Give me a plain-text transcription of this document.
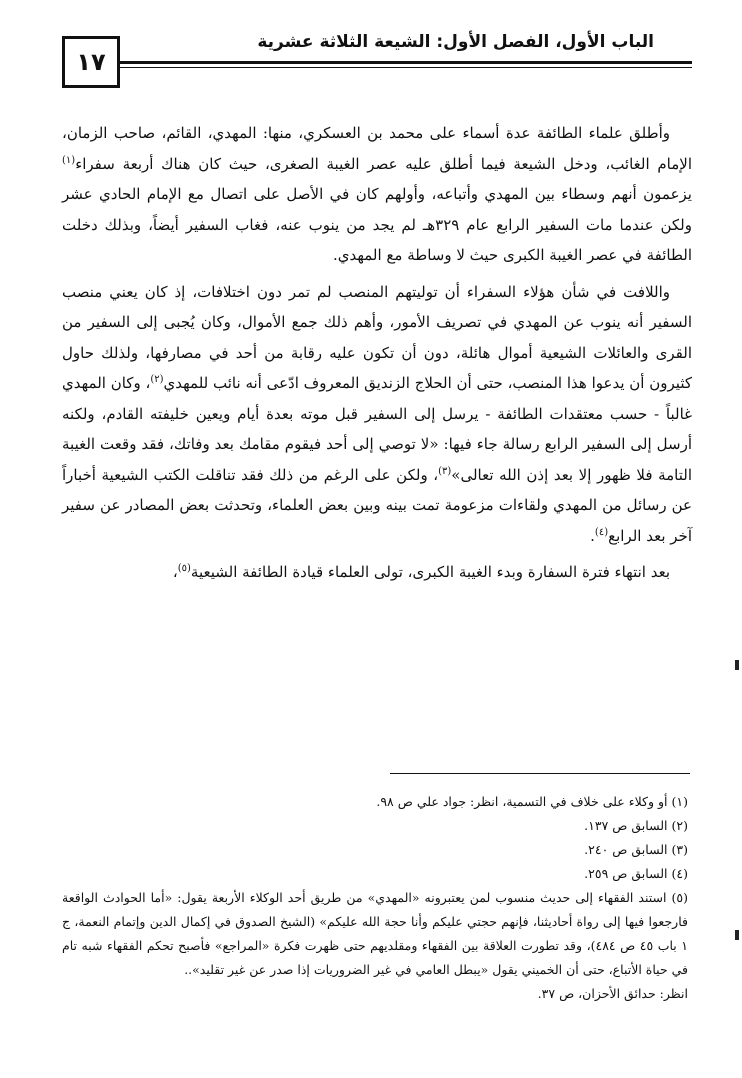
الباب الأول، الفصل الأول: الشيعة الثلاثة عشرية
١٧

وأطلق علماء الطائفة عدة أسماء على محمد بن العسكري، منها: المهدي، القائم، صاحب الزمان، الإمام الغائب، ودخل الشيعة فيما أطلق عليه عصر الغيبة الصغرى، حيث كان هناك أربعة سفراء$^{(١)}$ يزعمون أنهم وسطاء بين المهدي وأتباعه، وأولهم كان في الأصل على اتصال مع الإمام الحادي عشر ولكن عندما مات السفير الرابع عام ٣٢٩هـ لم يجد من ينوب عنه، فغاب السفير أيضاً، وبذلك دخلت الطائفة في عصر الغيبة الكبرى حيث لا وساطة مع المهدي.

واللافت في شأن هؤلاء السفراء أن توليتهم المنصب لم تمر دون اختلافات، إذ كان يعني منصب السفير أنه ينوب عن المهدي في تصريف الأمور، وأهم ذلك جمع الأموال، وكان يُجبى إلى السفير من القرى والعائلات الشيعية أموال هائلة، دون أن تكون عليه رقابة من أحد في مصارفها، ولذلك حاول كثيرون أن يدعوا هذا المنصب، حتى أن الحلاج الزنديق المعروف ادّعى أنه نائب للمهدي$^{(٢)}$، وكان المهدي غالباً - حسب معتقدات الطائفة - يرسل إلى السفير قبل موته بعدة أيام ويعين خليفته القادم، ولكنه أرسل إلى السفير الرابع رسالة جاء فيها: «لا توصي إلى أحد فيقوم مقامك بعد وفاتك، فقد وقعت الغيبة التامة فلا ظهور إلا بعد إذن الله تعالى»$^{(٣)}$، ولكن على الرغم من ذلك فقد تناقلت الكتب الشيعية أخباراً عن رسائل من المهدي ولقاءات مزعومة تمت بينه وبين بعض العلماء، وتحدثت بعض المصادر عن سفير آخر بعد الرابع$^{(٤)}$.

بعد انتهاء فترة السفارة وبدء الغيبة الكبرى، تولى العلماء قيادة الطائفة الشيعية$^{(٥)}$،

(١) أو وكلاء على خلاف في التسمية، انظر: جواد علي ص ٩٨.

(٢) السابق ص ١٣٧.

(٣) السابق ص ٢٤٠.

(٤) السابق ص ٢٥٩.

(٥) استند الفقهاء إلى حديث منسوب لمن يعتبرونه «المهدي» من طريق أحد الوكلاء الأربعة يقول: «أما الحوادث الواقعة فارجعوا فيها إلى رواة أحاديثنا، فإنهم حجتي عليكم وأنا حجة الله عليكم» (الشيخ الصدوق في إكمال الدين وإتمام النعمة، ج ١ باب ٤٥ ص ٤٨٤)، وقد تطورت العلاقة بين الفقهاء ومقلديهم حتى ظهرت فكرة «المراجع» فأصبح تحكم الفقهاء شبه تام في حياة الأتباع، حتى أن الخميني يقول «يبطل العامي في غير الضروريات إذا صدر عن غير تقليد»..

انظر: حدائق الأحزان، ص ٣٧.
